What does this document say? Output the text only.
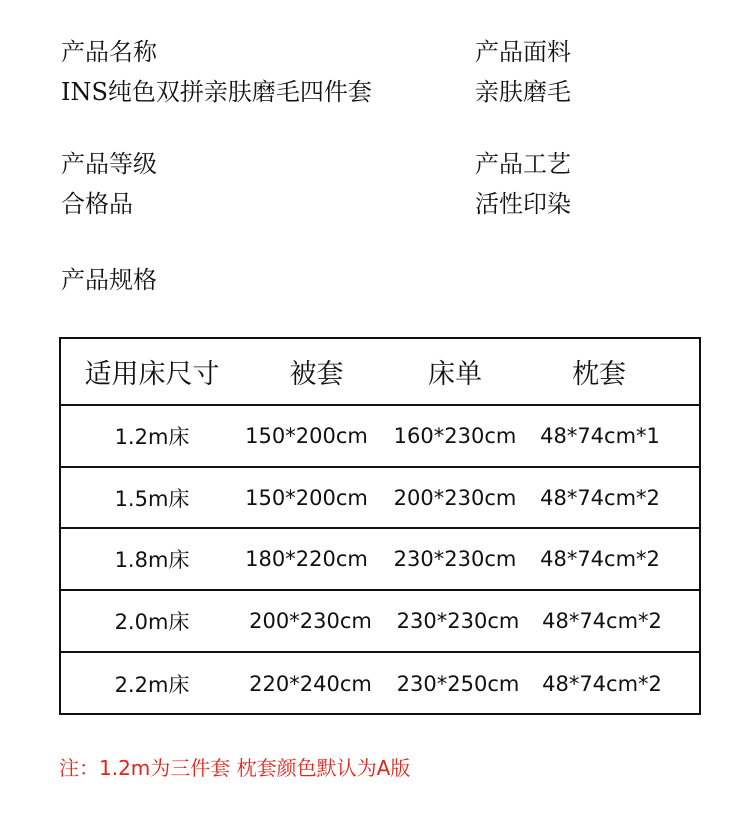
产品名称
INS纯色双拼亲肤磨毛四件套
产品面料
亲肤磨毛
产品等级
合格品
产品工艺
活性印染
产品规格
适用床尺寸	被套	床单	枕套
1.2m床	150*200cm 160*230cm	48*74cm*1
1.5m床	150*200cm 200*230cm	48*74cm*2
1.8m床	180*220cm 230*230cm	48*74cm*2
2.0m床	200*230cm 230*230cm	48*74cm*2
2.2m床	220*240cm 230*250cm	48*74cm*2
注：1.2m为三件套 枕套颜色默认为A版
